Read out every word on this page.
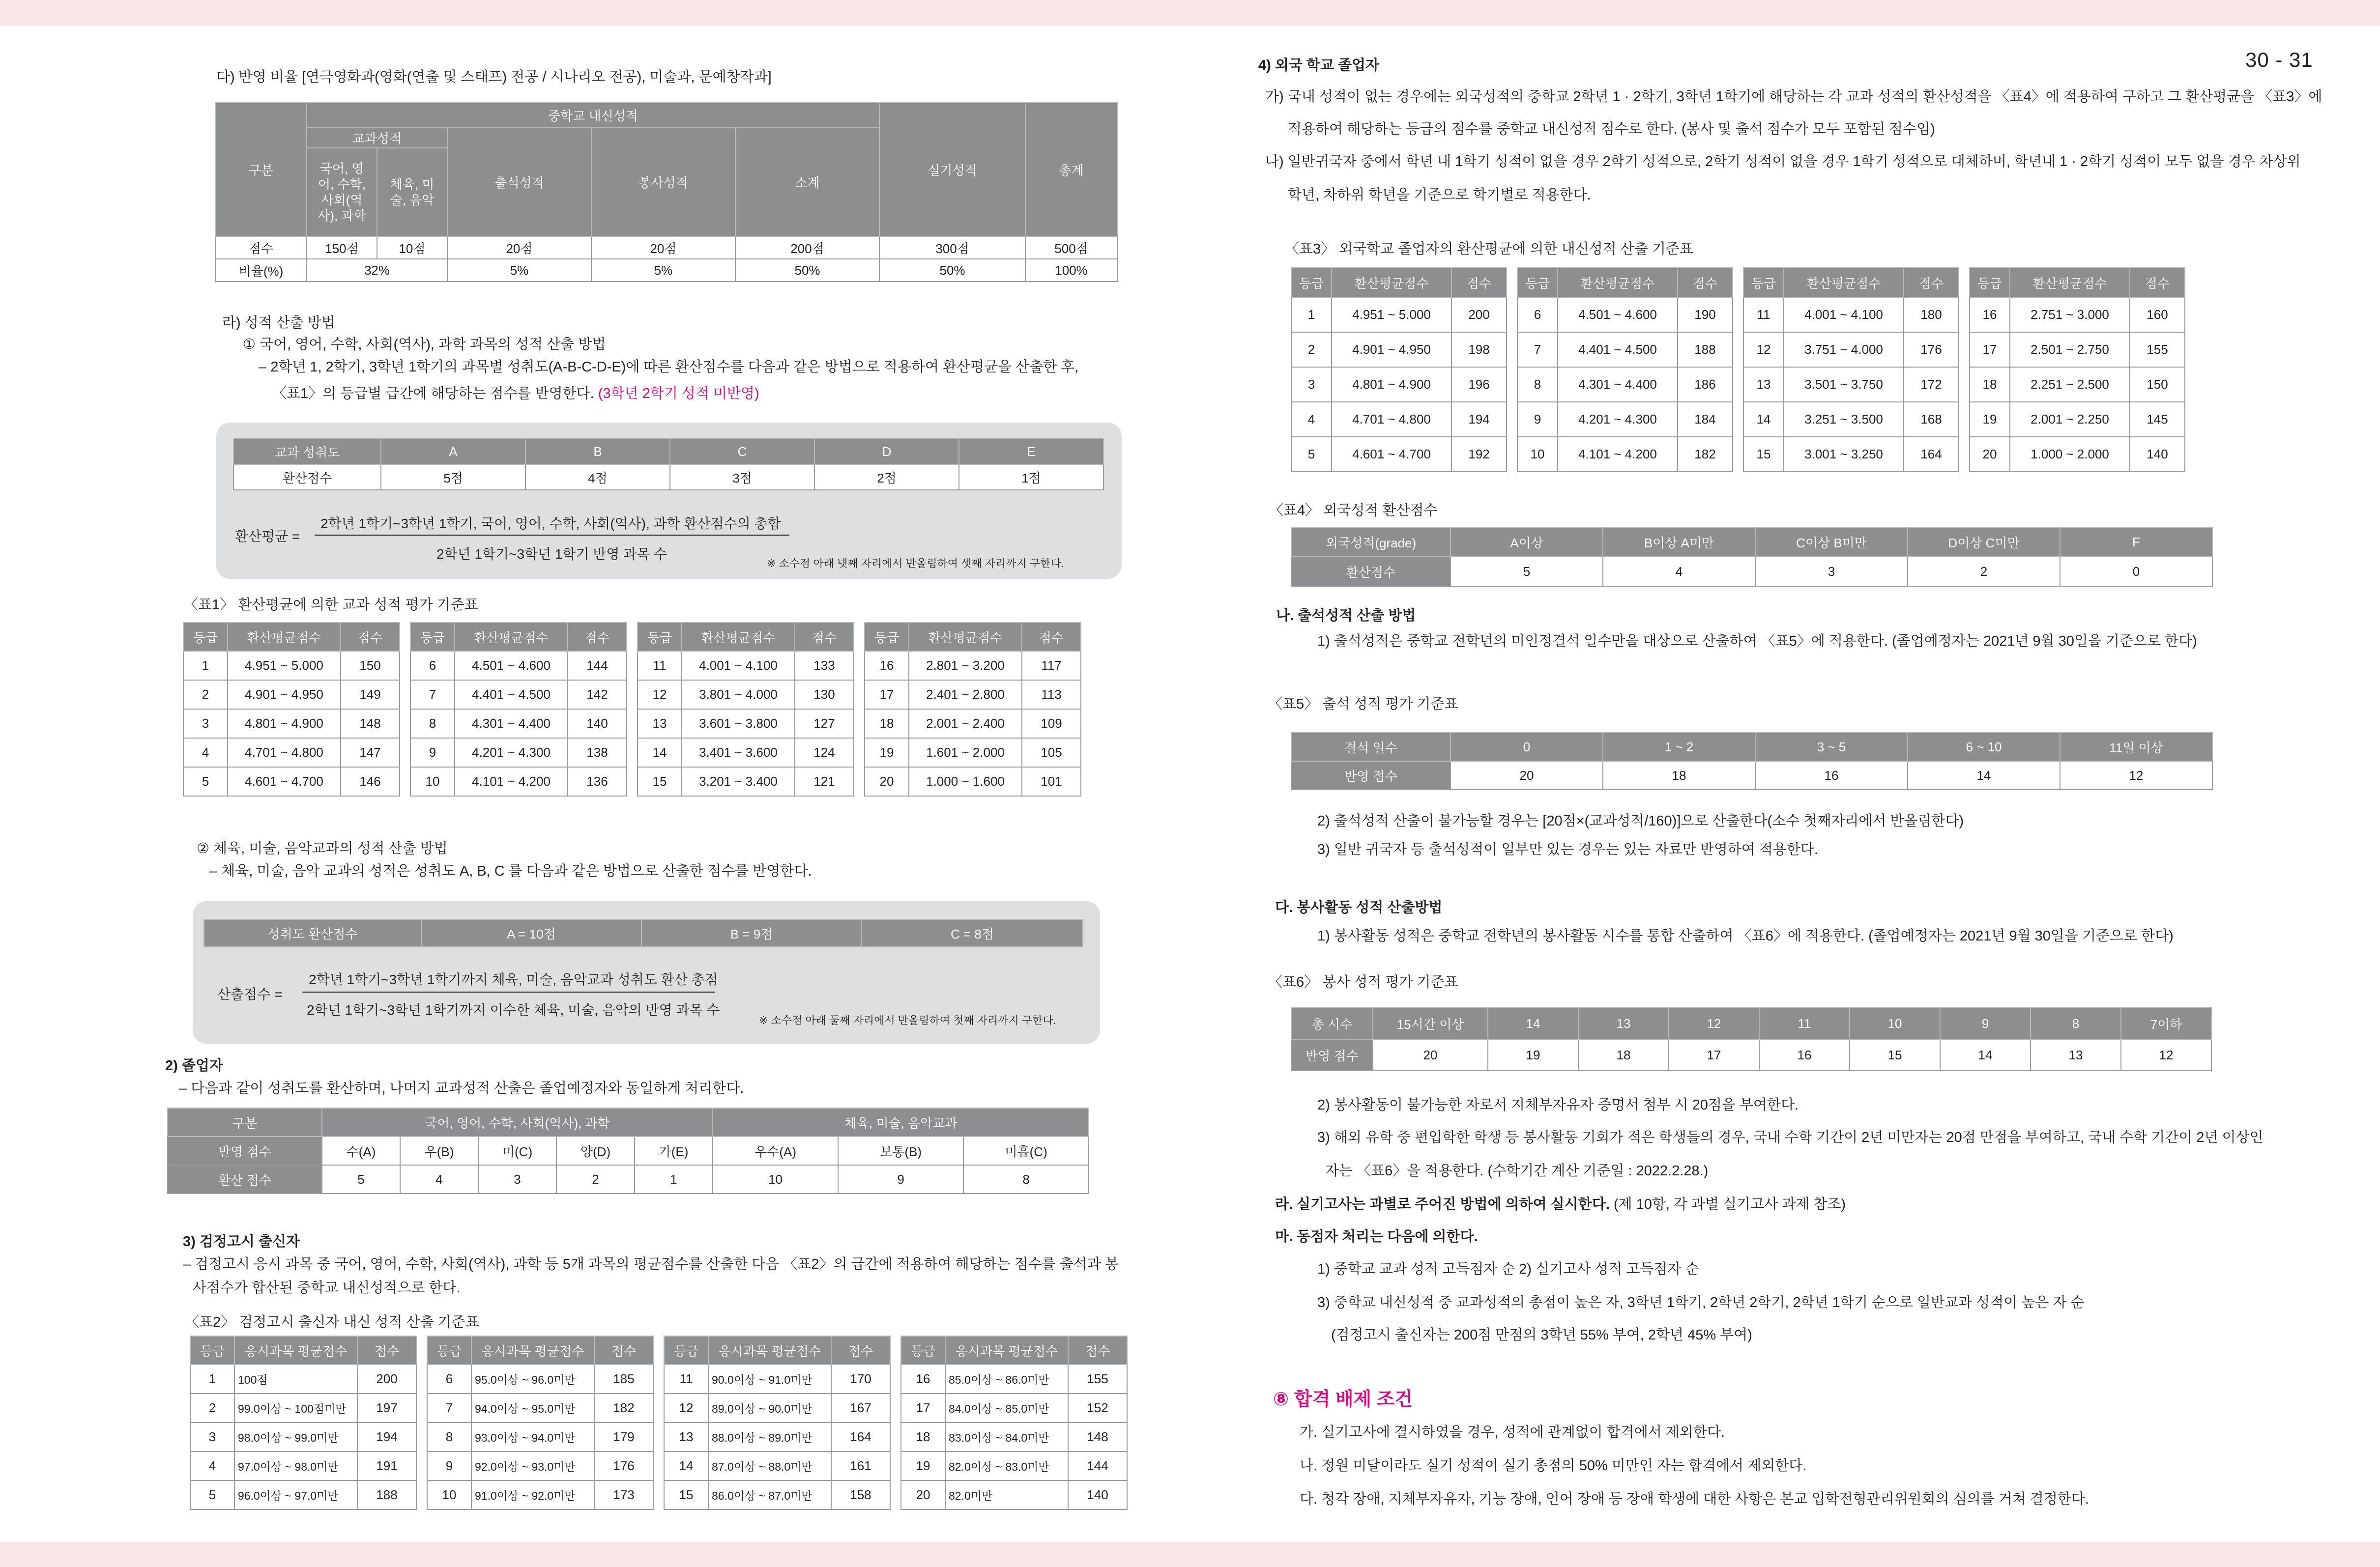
30 - 31
다) 반영 비율 [연극영화과(영화(연출 및 스태프) 전공 / 시나리오 전공), 미술과, 문예창작과]
구분	중학교 내신성적					실기성적	총계
	교과성적		출석성적	봉사성적	소계		
	국어, 영어, 수학, 사회(역사), 과학	체육, 미술, 음악					
점수	150점	10점	20점	20점	200점	300점	500점
비율(%)	32%		5%	5%	50%	50%	100%
라) 성적 산출 방법
① 국어, 영어, 수학, 사회(역사), 과학 과목의 성적 산출 방법
– 2학년 1, 2학기, 3학년 1학기의 과목별 성취도(A-B-C-D-E)에 따른 환산점수를 다음과 같은 방법으로 적용하여 환산평균을 산출한 후,
〈표1〉의 등급별 급간에 해당하는 점수를 반영한다. (3학년 2학기 성적 미반영)
교과 성취도	A	B	C	D	E
환산점수	5점	4점	3점	2점	1점
환산평균 =
2학년 1학기~3학년 1학기, 국어, 영어, 수학, 사회(역사), 과학 환산점수의 총합
2학년 1학기~3학년 1학기 반영 과목 수
※ 소수점 아래 넷째 자리에서 반올림하여 셋째 자리까지 구한다.
〈표1〉 환산평균에 의한 교과 성적 평가 기준표
등급	환산평균점수	점수		등급	환산평균점수	점수		등급	환산평균점수	점수		등급	환산평균점수	점수
1	4.951 ~ 5.000	150		6	4.501 ~ 4.600	144		11	4.001 ~ 4.100	133		16	2.801 ~ 3.200	117
2	4.901 ~ 4.950	149		7	4.401 ~ 4.500	142		12	3.801 ~ 4.000	130		17	2.401 ~ 2.800	113
3	4.801 ~ 4.900	148		8	4.301 ~ 4.400	140		13	3.601 ~ 3.800	127		18	2.001 ~ 2.400	109
4	4.701 ~ 4.800	147		9	4.201 ~ 4.300	138		14	3.401 ~ 3.600	124		19	1.601 ~ 2.000	105
5	4.601 ~ 4.700	146		10	4.101 ~ 4.200	136		15	3.201 ~ 3.400	121		20	1.000 ~ 1.600	101
② 체육, 미술, 음악교과의 성적 산출 방법
– 체육, 미술, 음악 교과의 성적은 성취도 A, B, C 를 다음과 같은 방법으로 산출한 점수를 반영한다.
성취도 환산점수	A = 10점	B = 9점	C = 8점
산출점수 =
2학년 1학기~3학년 1학기까지 체육, 미술, 음악교과 성취도 환산 총점
2학년 1학기~3학년 1학기까지 이수한 체육, 미술, 음악의 반영 과목 수
※ 소수점 아래 둘째 자리에서 반올림하여 첫째 자리까지 구한다.
2) 졸업자
– 다음과 같이 성취도를 환산하며, 나머지 교과성적 산출은 졸업예정자와 동일하게 처리한다.
구분	국어, 영어, 수학, 사회(역사), 과학					체육, 미술, 음악교과		
반영 점수	수(A)	우(B)	미(C)	양(D)	가(E)	우수(A)	보통(B)	미흡(C)
환산 점수	5	4	3	2	1	10	9	8
3) 검정고시 출신자
– 검정고시 응시 과목 중 국어, 영어, 수학, 사회(역사), 과학 등 5개 과목의 평균점수를 산출한 다음 〈표2〉의 급간에 적용하여 해당하는 점수를 출석과 봉
사점수가 합산된 중학교 내신성적으로 한다.
〈표2〉 검정고시 출신자 내신 성적 산출 기준표
등급	응시과목 평균점수	점수		등급	응시과목 평균점수	점수		등급	응시과목 평균점수	점수		등급	응시과목 평균점수	점수
1	100점	200		6	95.0이상 ~ 96.0미만	185		11	90.0이상 ~ 91.0미만	170		16	85.0이상 ~ 86.0미만	155
2	99.0이상 ~ 100점미만	197		7	94.0이상 ~ 95.0미만	182		12	89.0이상 ~ 90.0미만	167		17	84.0이상 ~ 85.0미만	152
3	98.0이상 ~ 99.0미만	194		8	93.0이상 ~ 94.0미만	179		13	88.0이상 ~ 89.0미만	164		18	83.0이상 ~ 84.0미만	148
4	97.0이상 ~ 98.0미만	191		9	92.0이상 ~ 93.0미만	176		14	87.0이상 ~ 88.0미만	161		19	82.0이상 ~ 83.0미만	144
5	96.0이상 ~ 97.0미만	188		10	91.0이상 ~ 92.0미만	173		15	86.0이상 ~ 87.0미만	158		20	82.0미만	140
4) 외국 학교 졸업자
가) 국내 성적이 없는 경우에는 외국성적의 중학교 2학년 1 · 2학기, 3학년 1학기에 해당하는 각 교과 성적의 환산성적을 〈표4〉에 적용하여 구하고 그 환산평균을 〈표3〉에
적용하여 해당하는 등급의 점수를 중학교 내신성적 점수로 한다. (봉사 및 출석 점수가 모두 포함된 점수임)
나) 일반귀국자 중에서 학년 내 1학기 성적이 없을 경우 2학기 성적으로, 2학기 성적이 없을 경우 1학기 성적으로 대체하며, 학년내 1 · 2학기 성적이 모두 없을 경우 차상위
학년, 차하위 학년을 기준으로 학기별로 적용한다.
〈표3〉 외국학교 졸업자의 환산평균에 의한 내신성적 산출 기준표
등급	환산평균점수	점수		등급	환산평균점수	점수		등급	환산평균점수	점수		등급	환산평균점수	점수
1	4.951 ~ 5.000	200		6	4.501 ~ 4.600	190		11	4.001 ~ 4.100	180		16	2.751 ~ 3.000	160
2	4.901 ~ 4.950	198		7	4.401 ~ 4.500	188		12	3.751 ~ 4.000	176		17	2.501 ~ 2.750	155
3	4.801 ~ 4.900	196		8	4.301 ~ 4.400	186		13	3.501 ~ 3.750	172		18	2.251 ~ 2.500	150
4	4.701 ~ 4.800	194		9	4.201 ~ 4.300	184		14	3.251 ~ 3.500	168		19	2.001 ~ 2.250	145
5	4.601 ~ 4.700	192		10	4.101 ~ 4.200	182		15	3.001 ~ 3.250	164		20	1.000 ~ 2.000	140
〈표4〉 외국성적 환산점수
외국성적(grade)	A이상	B이상 A미만	C이상 B미만	D이상 C미만	F
환산점수	5	4	3	2	0
나. 출석성적 산출 방법
1) 출석성적은 중학교 전학년의 미인정결석 일수만을 대상으로 산출하여 〈표5〉에 적용한다. (졸업예정자는 2021년 9월 30일을 기준으로 한다)
〈표5〉 출석 성적 평가 기준표
결석 일수	0	1 ~ 2	3 ~ 5	6 ~ 10	11일 이상
반영 점수	20	18	16	14	12
2) 출석성적 산출이 불가능할 경우는 [20점×(교과성적/160)]으로 산출한다(소수 첫째자리에서 반올림한다)
3) 일반 귀국자 등 출석성적이 일부만 있는 경우는 있는 자료만 반영하여 적용한다.
다. 봉사활동 성적 산출방법
1) 봉사활동 성적은 중학교 전학년의 봉사활동 시수를 통합 산출하여 〈표6〉에 적용한다. (졸업예정자는 2021년 9월 30일을 기준으로 한다)
〈표6〉 봉사 성적 평가 기준표
총 시수	15시간 이상	14	13	12	11	10	9	8	7이하
반영 점수	20	19	18	17	16	15	14	13	12
2) 봉사활동이 불가능한 자로서 지체부자유자 증명서 첨부 시 20점을 부여한다.
3) 해외 유학 중 편입학한 학생 등 봉사활동 기회가 적은 학생들의 경우, 국내 수학 기간이 2년 미만자는 20점 만점을 부여하고, 국내 수학 기간이 2년 이상인
자는 〈표6〉을 적용한다. (수학기간 계산 기준일 : 2022.2.28.)
라. 실기고사는 과별로 주어진 방법에 의하여 실시한다. (제 10항, 각 과별 실기고사 과제 참조)
마. 동점자 처리는 다음에 의한다.
1) 중학교 교과 성적 고득점자 순 2) 실기고사 성적 고득점자 순
3) 중학교 내신성적 중 교과성적의 총점이 높은 자, 3학년 1학기, 2학년 2학기, 2학년 1학기 순으로 일반교과 성적이 높은 자 순
(검정고시 출신자는 200점 만점의 3학년 55% 부여, 2학년 45% 부여)
⑧ 합격 배제 조건
가. 실기고사에 결시하였을 경우, 성적에 관계없이 합격에서 제외한다.
나. 정원 미달이라도 실기 성적이 실기 총점의 50% 미만인 자는 합격에서 제외한다.
다. 청각 장애, 지체부자유자, 기능 장애, 언어 장애 등 장애 학생에 대한 사항은 본교 입학전형관리위원회의 심의를 거쳐 결정한다.
